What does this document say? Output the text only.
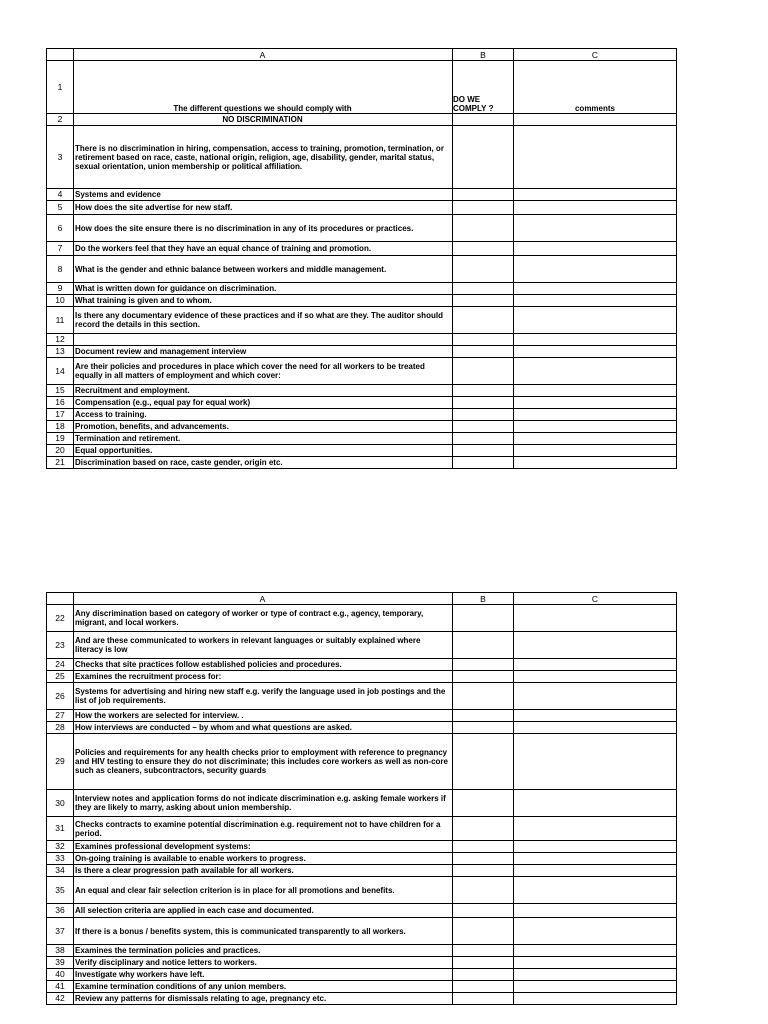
	A	B	C
1	The different questions we should comply with	DO WE COMPLY ?	comments
2	NO DISCRIMINATION		
3	There is no discrimination in hiring, compensation, access to training, promotion, termination, or retirement based on race, caste, national origin, religion, age, disability, gender, marital status, sexual orientation, union membership or political affiliation.		
4	Systems and evidence		
5	How does the site advertise for new staff.		
6	How does the site ensure there is no discrimination in any of its procedures or practices.		
7	Do the workers feel that they have an equal chance of training and promotion.		
8	What is the gender and ethnic balance between workers and middle management.		
9	What is written down for guidance on discrimination.		
10	What training is given and to whom.		
11	Is there any documentary evidence of these practices and if so what are they. The auditor should record the details in this section.		
12			
13	Document review and management interview		
14	Are their policies and procedures in place which cover the need for all workers to be treated equally in all matters of employment and which cover:		
15	Recruitment and employment.		
16	Compensation (e.g., equal pay for equal work)		
17	Access to training.		
18	Promotion, benefits, and advancements.		
19	Termination and retirement.		
20	Equal opportunities.		
21	Discrimination based on race, caste gender, origin etc.		
	A	B	C
22	Any discrimination based on category of worker or type of contract e.g., agency, temporary, migrant, and local workers.		
23	And are these communicated to workers in relevant languages or suitably explained where literacy is low		
24	Checks that site practices follow established policies and procedures.		
25	Examines the recruitment process for:		
26	Systems for advertising and hiring new staff e.g. verify the language used in job postings and the list of job requirements.		
27	How the workers are selected for interview. .		
28	How interviews are conducted – by whom and what questions are asked.		
29	Policies and requirements for any health checks prior to employment with reference to pregnancy and HIV testing to ensure they do not discriminate; this includes core workers as well as non-core such as cleaners, subcontractors, security guards		
30	Interview notes and application forms do not indicate discrimination e.g. asking female workers if they are likely to marry, asking about union membership.		
31	Checks contracts to examine potential discrimination e.g. requirement not to have children for a period.		
32	Examines professional development systems:		
33	On-going training is available to enable workers to progress.		
34	Is there a clear progression path available for all workers.		
35	An equal and clear fair selection criterion is in place for all promotions and benefits.		
36	All selection criteria are applied in each case and documented.		
37	If there is a bonus / benefits system, this is communicated transparently to all workers.		
38	Examines the termination policies and practices.		
39	Verify disciplinary and notice letters to workers.		
40	Investigate why workers have left.		
41	Examine termination conditions of any union members.		
42	Review any patterns for dismissals relating to age, pregnancy etc.		
